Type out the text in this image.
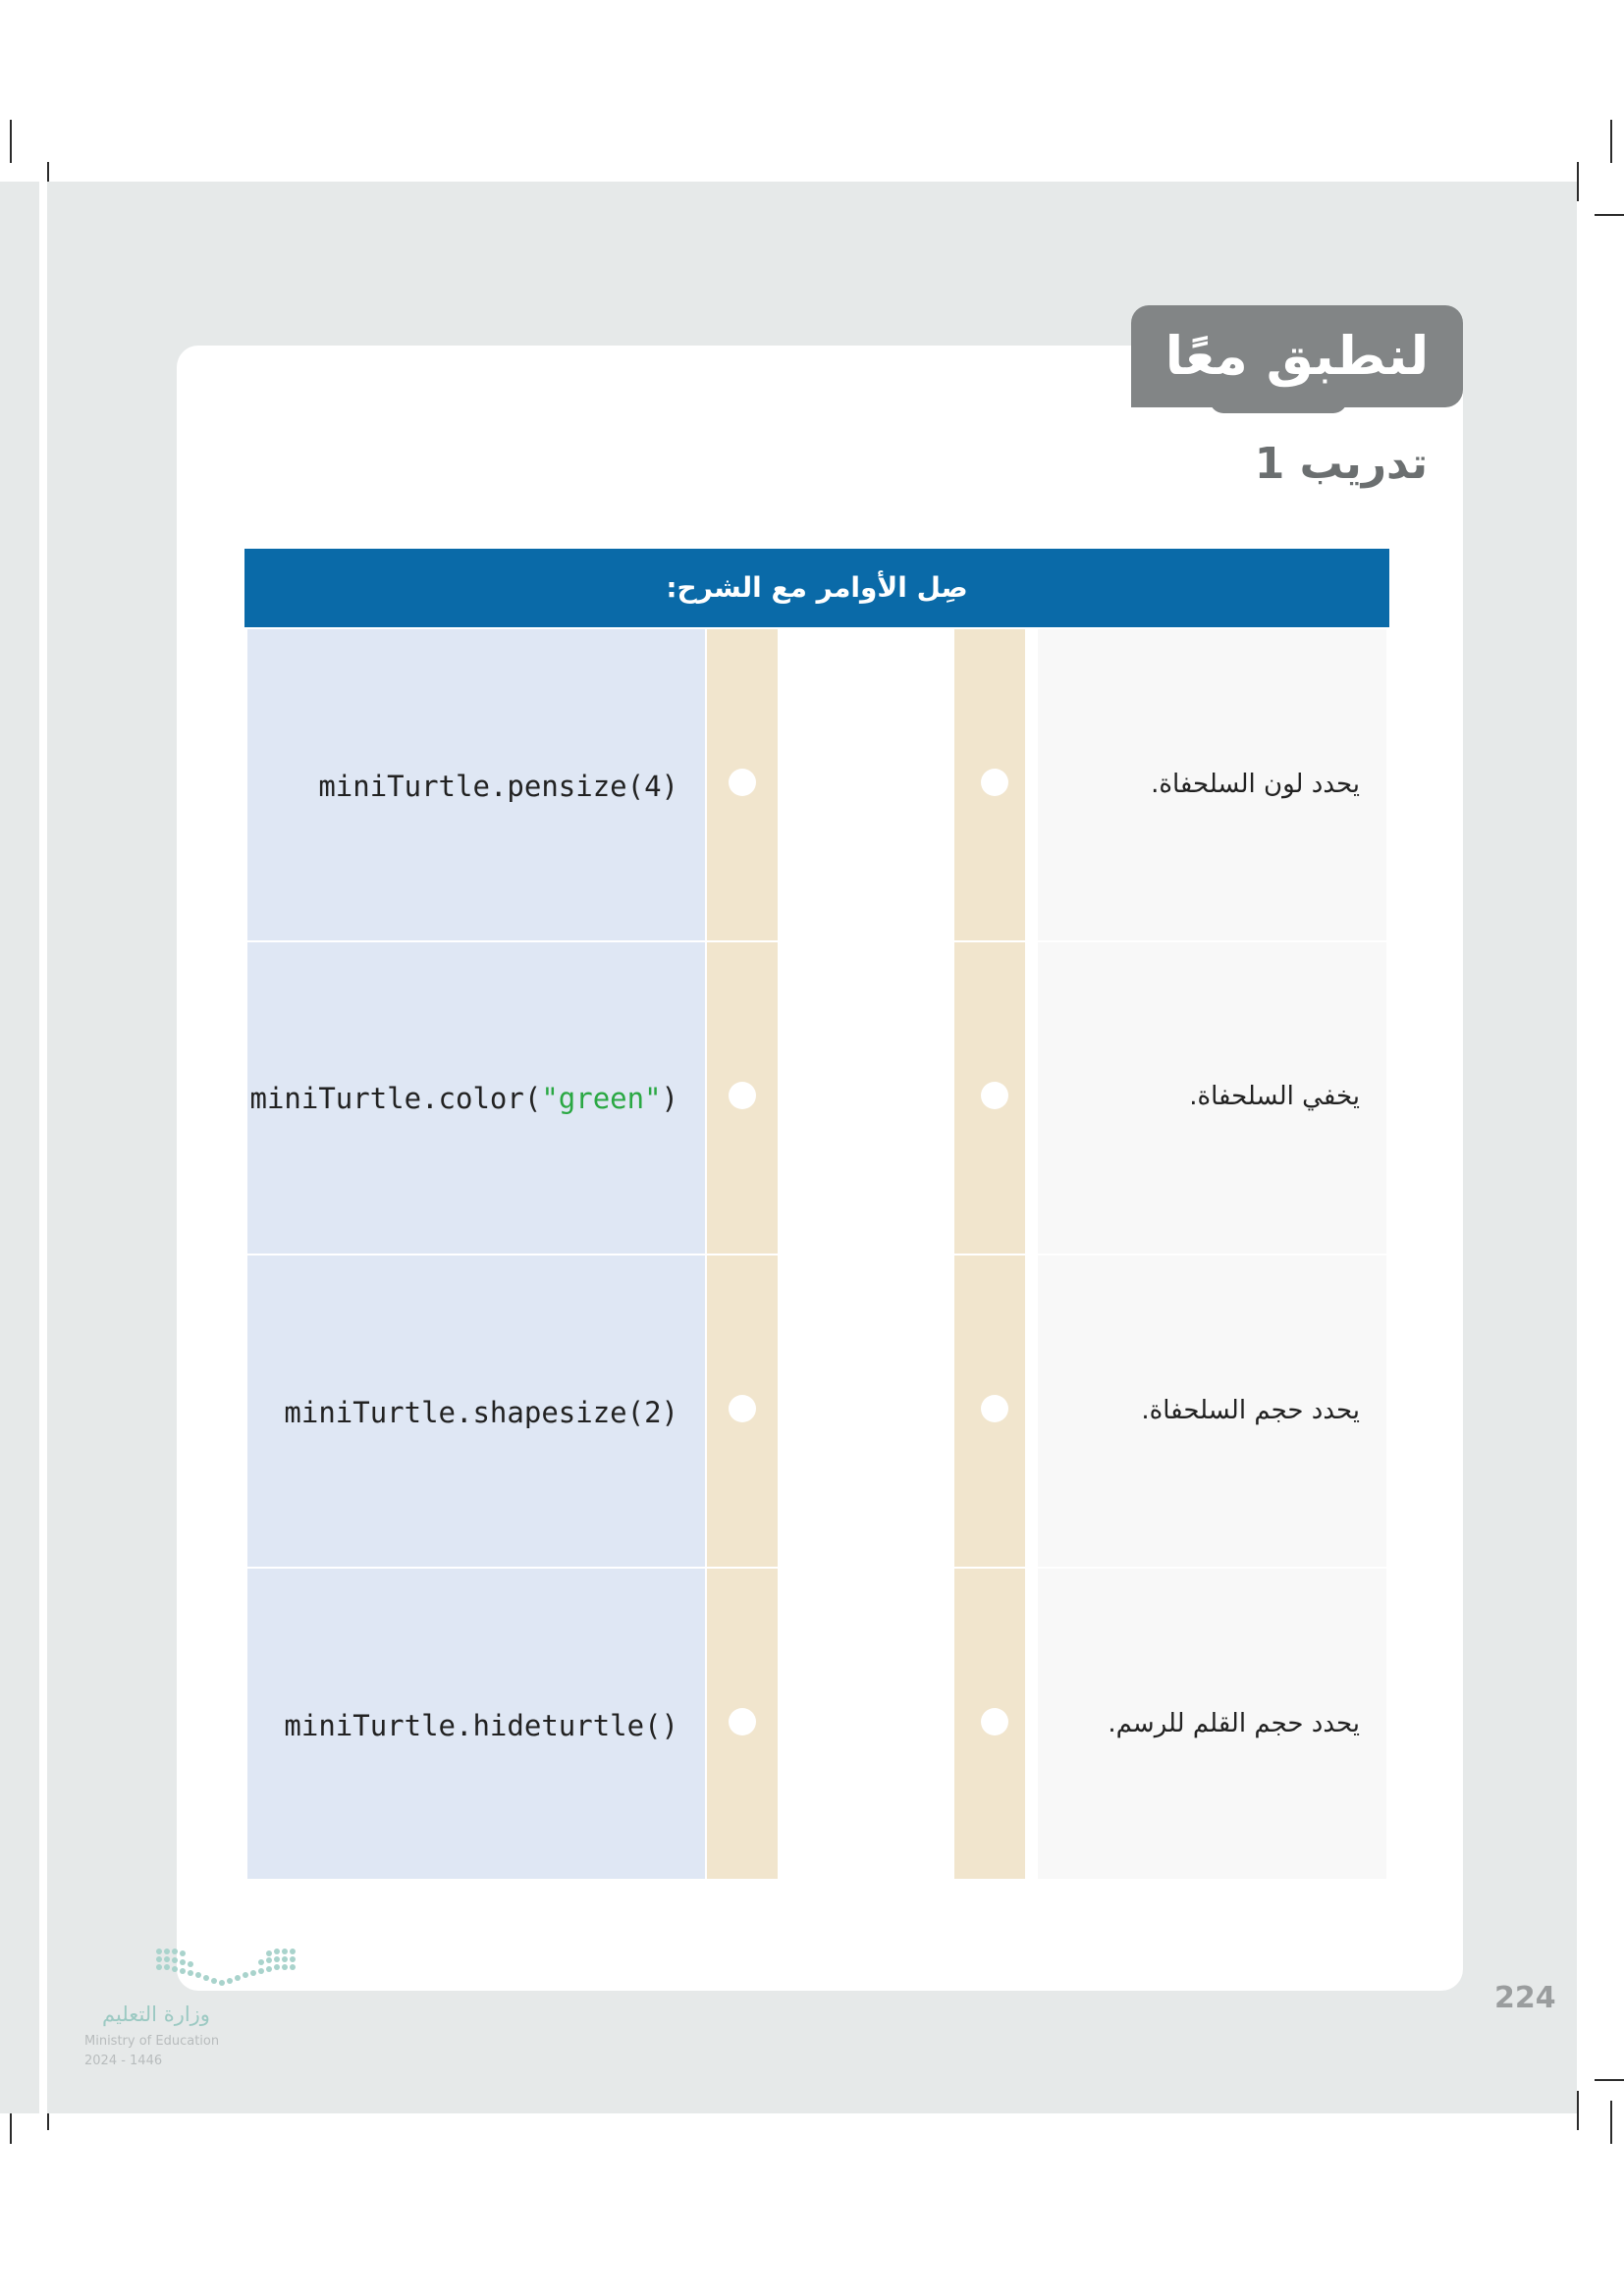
لنطبق معًا
تدريب 1
صِل الأوامر مع الشرح:
miniTurtle.pensize(4)	يحدد لون السلحفاة.
miniTurtle.color("green")	يخفي السلحفاة.
miniTurtle.shapesize(2)	يحدد حجم السلحفاة.
miniTurtle.hideturtle()	يحدد حجم القلم للرسم.
224
وزارة التعليم
Ministry of Education
2024 - 1446
